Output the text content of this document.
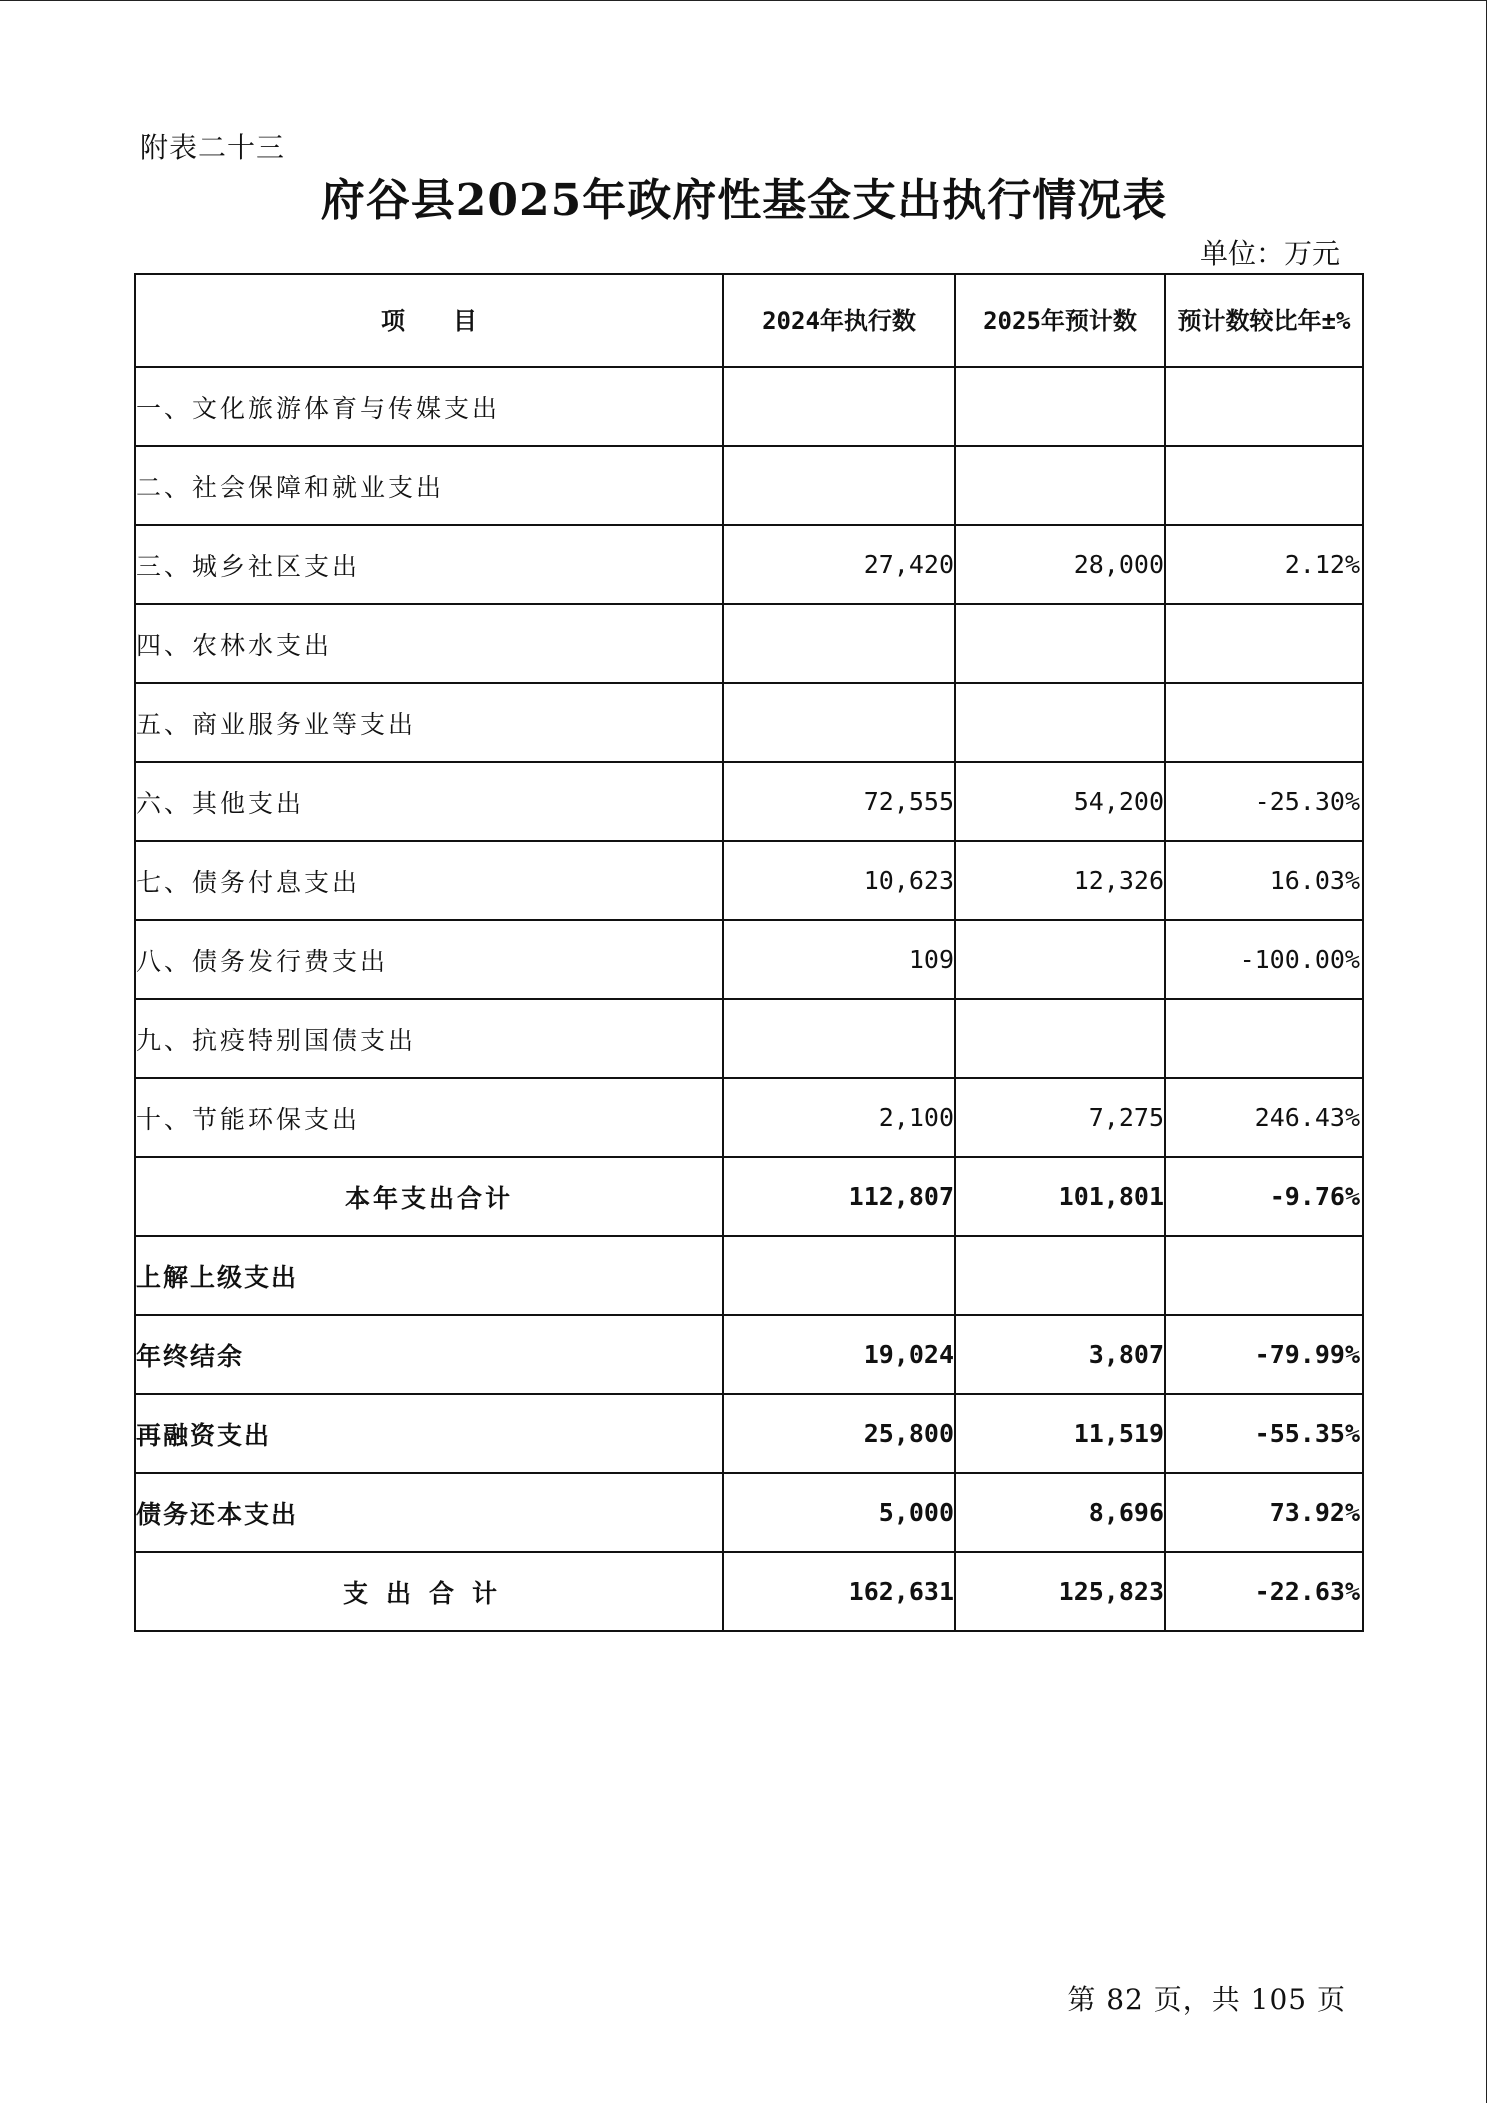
附表二十三
府谷县2025年政府性基金支出执行情况表
单位：万元
项　　目	2024年执行数	2025年预计数	预计数较比年±%
一、文化旅游体育与传媒支出			
二、社会保障和就业支出			
三、城乡社区支出	27,420	28,000	2.12%
四、农林水支出			
五、商业服务业等支出			
六、其他支出	72,555	54,200	-25.30%
七、债务付息支出	10,623	12,326	16.03%
八、债务发行费支出	109		-100.00%
九、抗疫特别国债支出			
十、节能环保支出	2,100	7,275	246.43%
本年支出合计	112,807	101,801	-9.76%
上解上级支出			
年终结余	19,024	3,807	-79.99%
再融资支出	25,800	11,519	-55.35%
债务还本支出	5,000	8,696	73.92%
支出合计	162,631	125,823	-22.63%
第 82 页，共 105 页
